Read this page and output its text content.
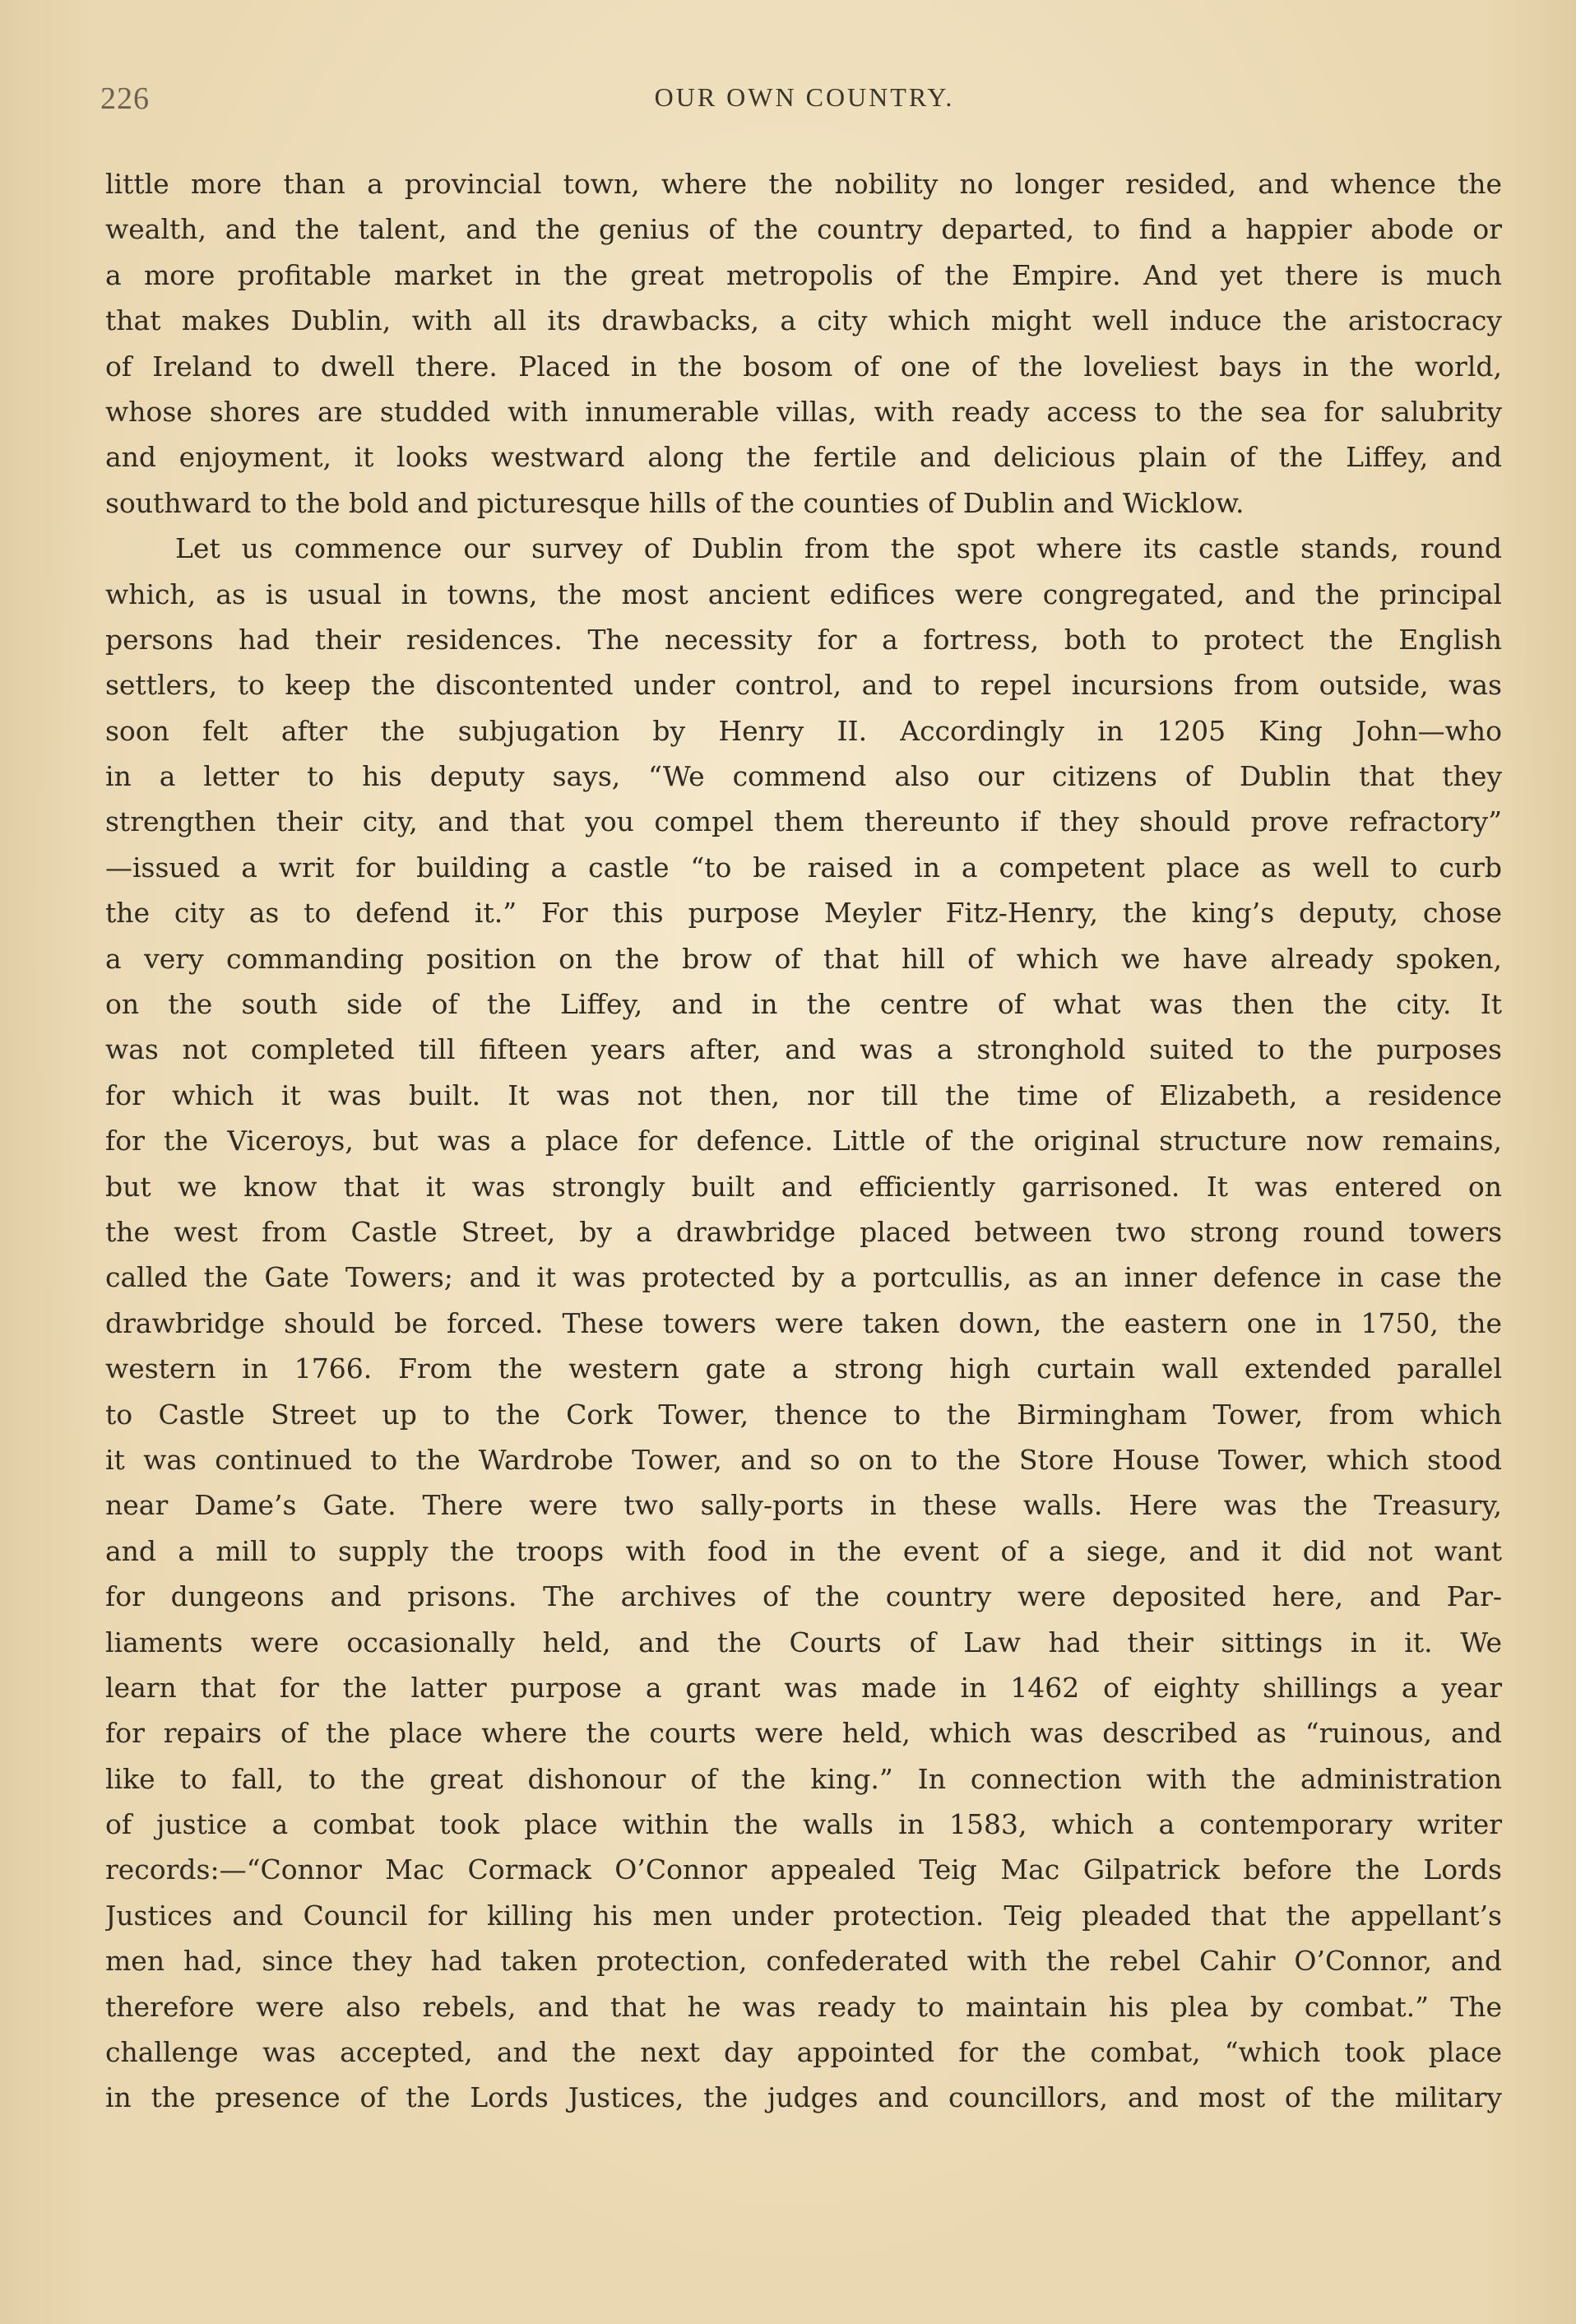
226	OUR OWN COUNTRY.
little more than a provincial town, where the nobility no longer resided, and whence the
wealth, and the talent, and the genius of the country departed, to find a happier abode or
a more profitable market in the great metropolis of the Empire. And yet there is much
that makes Dublin, with all its drawbacks, a city which might well induce the aristocracy
of Ireland to dwell there. Placed in the bosom of one of the loveliest bays in the world,
whose shores are studded with innumerable villas, with ready access to the sea for salubrity
and enjoyment, it looks westward along the fertile and delicious plain of the Liffey, and
southward to the bold and picturesque hills of the counties of Dublin and Wicklow.
Let us commence our survey of Dublin from the spot where its castle stands, round
which, as is usual in towns, the most ancient edifices were congregated, and the principal
persons had their residences. The necessity for a fortress, both to protect the English
settlers, to keep the discontented under control, and to repel incursions from outside, was
soon felt after the subjugation by Henry II. Accordingly in 1205 King John—who
in a letter to his deputy says, “We commend also our citizens of Dublin that they
strengthen their city, and that you compel them thereunto if they should prove refractory”
—issued a writ for building a castle “to be raised in a competent place as well to curb
the city as to defend it.” For this purpose Meyler Fitz-Henry, the king’s deputy, chose
a very commanding position on the brow of that hill of which we have already spoken,
on the south side of the Liffey, and in the centre of what was then the city. It
was not completed till fifteen years after, and was a stronghold suited to the purposes
for which it was built. It was not then, nor till the time of Elizabeth, a residence
for the Viceroys, but was a place for defence. Little of the original structure now remains,
but we know that it was strongly built and efficiently garrisoned. It was entered on
the west from Castle Street, by a drawbridge placed between two strong round towers
called the Gate Towers; and it was protected by a portcullis, as an inner defence in case the
drawbridge should be forced. These towers were taken down, the eastern one in 1750, the
western in 1766. From the western gate a strong high curtain wall extended parallel
to Castle Street up to the Cork Tower, thence to the Birmingham Tower, from which
it was continued to the Wardrobe Tower, and so on to the Store House Tower, which stood
near Dame’s Gate. There were two sally-ports in these walls. Here was the Treasury,
and a mill to supply the troops with food in the event of a siege, and it did not want
for dungeons and prisons. The archives of the country were deposited here, and Par-
liaments were occasionally held, and the Courts of Law had their sittings in it. We
learn that for the latter purpose a grant was made in 1462 of eighty shillings a year
for repairs of the place where the courts were held, which was described as “ruinous, and
like to fall, to the great dishonour of the king.” In connection with the administration
of justice a combat took place within the walls in 1583, which a contemporary writer
records:—“Connor Mac Cormack O’Connor appealed Teig Mac Gilpatrick before the Lords
Justices and Council for killing his men under protection. Teig pleaded that the appellant’s
men had, since they had taken protection, confederated with the rebel Cahir O’Connor, and
therefore were also rebels, and that he was ready to maintain his plea by combat.” The
challenge was accepted, and the next day appointed for the combat, “which took place
in the presence of the Lords Justices, the judges and councillors, and most of the military
